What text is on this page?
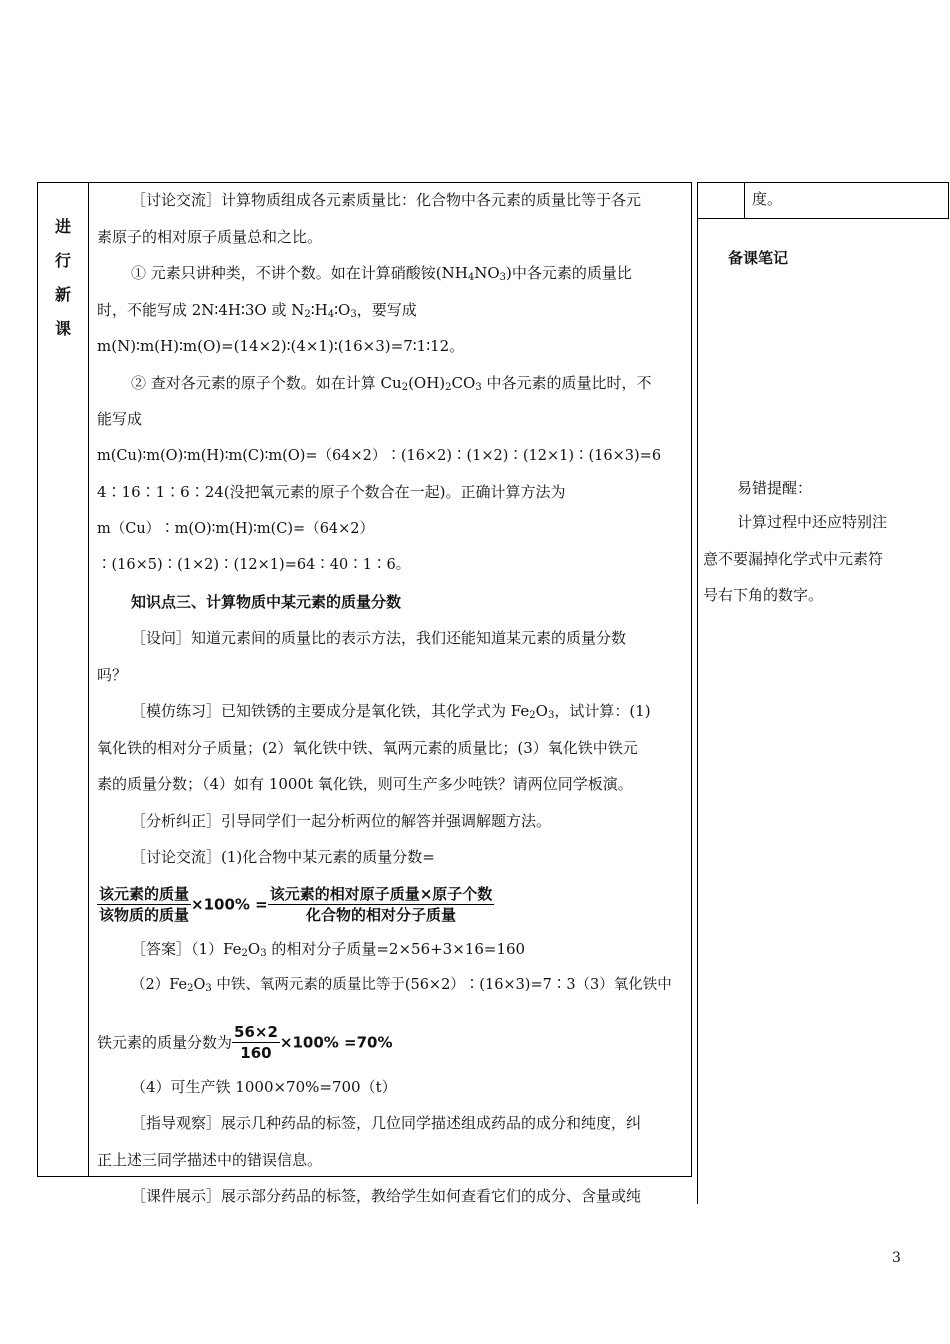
度。
进
行
新
课

［讨论交流］计算物质组成各元素质量比：化合物中各元素的质量比等于各元

素原子的相对原子质量总和之比。

① 元素只讲种类，不讲个数。如在计算硝酸铵$(NH_4NO_3)$中各元素的质量比

时，不能写成 2N∶4H∶3O 或 $N_2∶H_4∶O_3$，要写成

m(N)∶m(H)∶m(O)=(14×2)∶(4×1)∶(16×3)=7∶1∶12。

② 查对各元素的原子个数。如在计算 $Cu_2(OH)_2CO_3$ 中各元素的质量比时，不

能写成

m(Cu)∶m(O)∶m(H)∶m(C)∶m(O)=（64×2）∶(16×2)∶(1×2)∶(12×1)∶(16×3)=6

4∶16∶1∶6∶24(没把氧元素的原子个数合在一起)。正确计算方法为

m（Cu）∶m(O)∶m(H)∶m(C)=（64×2）∶(16×5)∶(1×2)∶(12×1)=64∶40∶1∶6。

知识点三、计算物质中某元素的质量分数

［设问］知道元素间的质量比的表示方法，我们还能知道某元素的质量分数

吗？

［模仿练习］已知铁锈的主要成分是氧化铁，其化学式为 $Fe_2O_3$，试计算：(1)

氧化铁的相对分子质量；(2）氧化铁中铁、氧两元素的质量比；(3）氧化铁中铁元

素的质量分数；（4）如有 1000t 氧化铁，则可生产多少吨铁？请两位同学板演。

［分析纠正］引导同学们一起分析两位的解答并强调解题方法。

［讨论交流］(1)化合物中某元素的质量分数=

$\frac{\text{该元素的质量}}{\text{该物质的质量}} \times 100\% = \frac{\text{该元素的相对原子质量×原子个数}}{\text{化合物的相对分子质量}}$

［答案$](1)Fe_2O_3$ 的相对分子质量=2×56+3×16=160

$(2)Fe_2O_3$ 中铁、氧两元素的质量比等于(56×2）∶(16×3)=7∶3（3）氧化铁中

铁元素的质量分数为 $\frac{56\times 2}{160} \times 100\% =70\%$

（4）可生产铁 1000×70%=700（t）

［指导观察］展示几种药品的标签，几位同学描述组成药品的成分和纯度，纠

正上述三同学描述中的错误信息。

［课件展示］展示部分药品的标签，教给学生如何查看它们的成分、含量或纯

备课笔记
易错提醒：
计算过程中还应特别注
意不要漏掉化学式中元素符
号右下角的数字。
3
